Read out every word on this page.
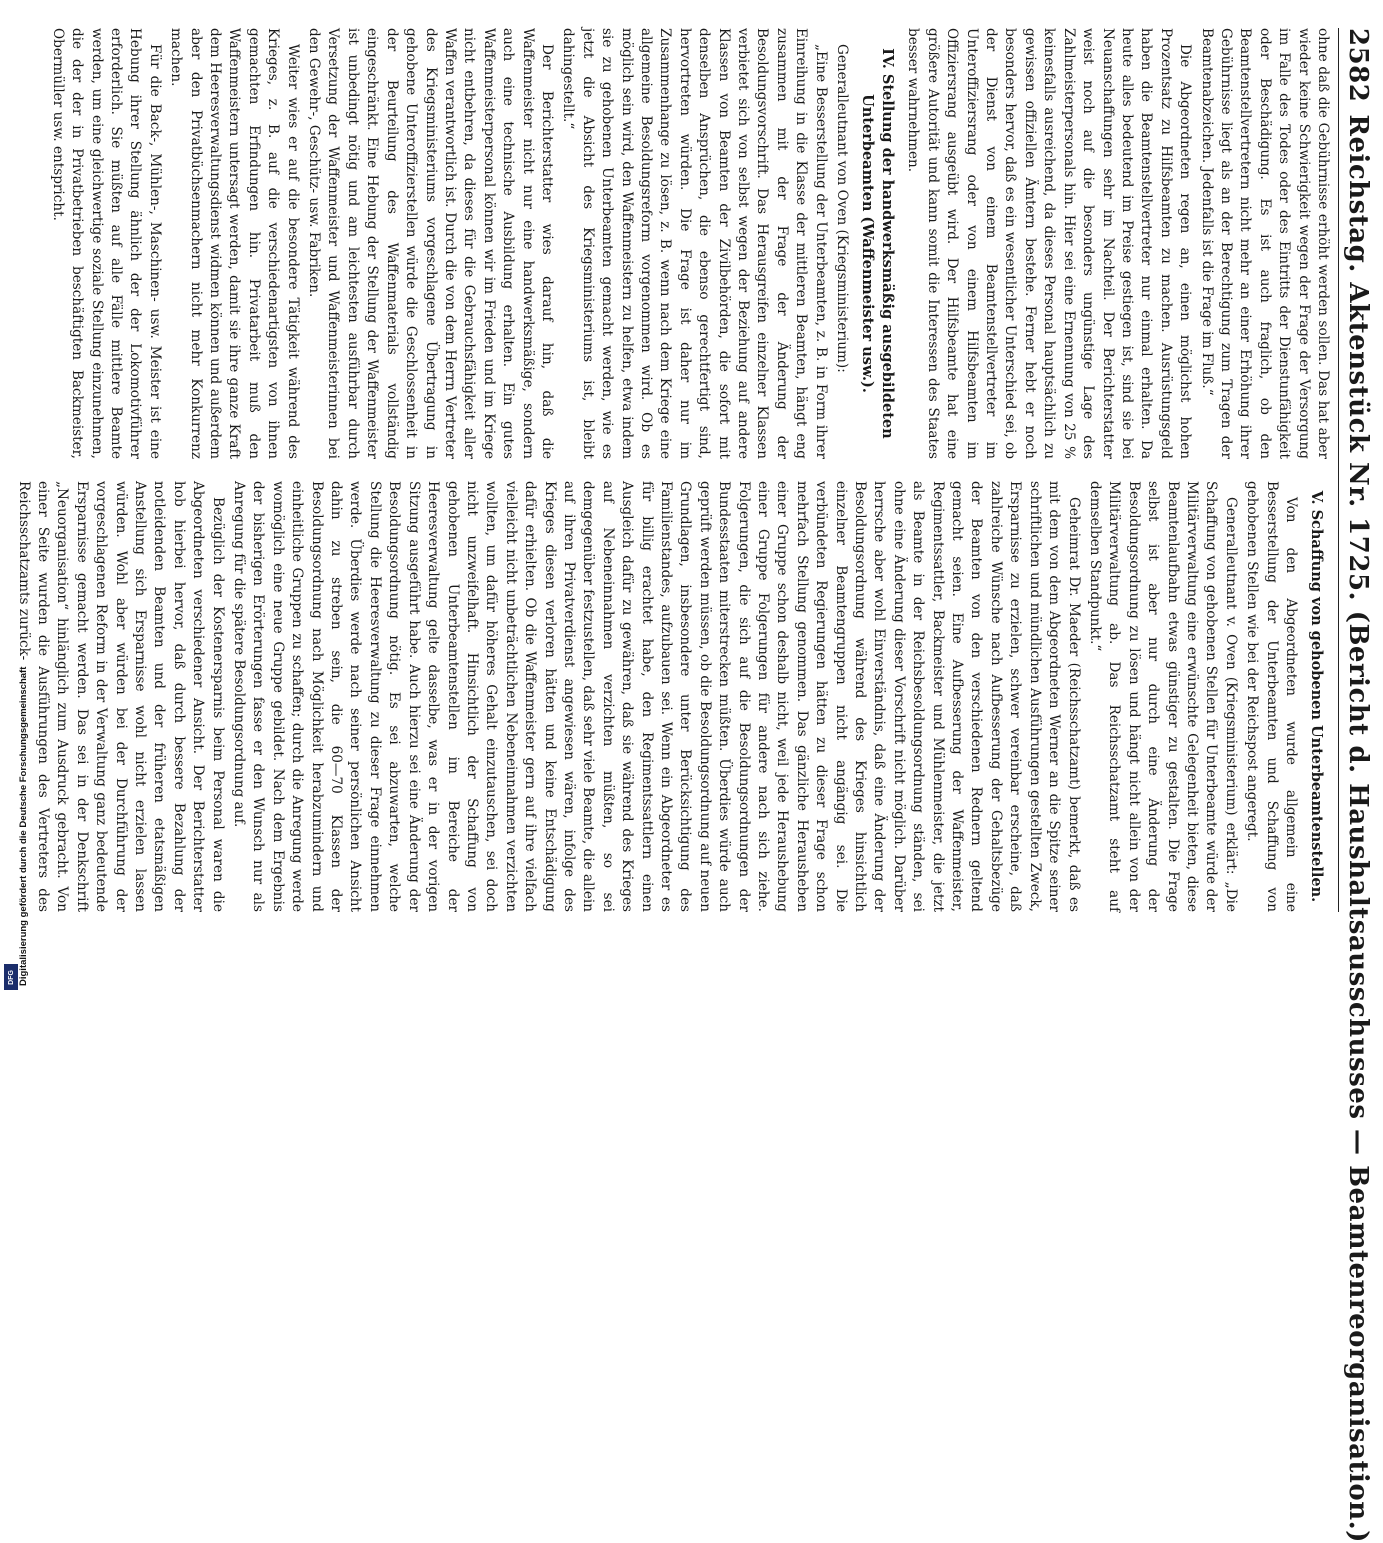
2582
Reichstag. Aktenstück Nr. 1725. (Bericht d. Haushaltsausschusses — Beamtenreorganisation.)

ohne daß die Gebührnisse erhöht werden sollen. Das hat aber wieder keine Schwierigkeit wegen der Frage der Versorgung im Falle des Todes oder des Eintritts der Dienstunfähigkeit oder Beschädigung. Es ist auch fraglich, ob den Beamtenstellvertretern nicht mehr an einer Erhöhung ihrer Gebührnisse liegt als an der Berechtigung zum Tragen der Beamtenabzeichen. Jedenfalls ist die Frage im Fluß.“

Die Abgeordneten regen an, einen möglichst hohen Prozentsatz zu Hilfsbeamten zu machen. Ausrüstungsgeld haben die Beamtenstellvertreter nur einmal erhalten. Da heute alles bedeutend im Preise gestiegen ist, sind sie bei Neuanschaffungen sehr im Nachteil. Der Berichterstatter weist noch auf die besonders ungünstige Lage des Zahlmeisterpersonals hin. Hier sei eine Ernennung von 25 % keinesfalls ausreichend, da dieses Personal hauptsächlich zu gewissen offiziellen Ämtern bestehe. Ferner hebt er noch besonders hervor, daß es ein wesentlicher Unterschied sei, ob der Dienst von einem Beamtenstellvertreter im Unteroffiziersrang oder von einem Hilfsbeamten im Offiziersrang ausgeübt wird. Der Hilfsbeamte hat eine größere Autorität und kann somit die Interessen des Staates besser wahrnehmen.

IV. Stellung der handwerksmäßig ausgebildeten Unterbeamten (Waffenmeister usw.).

Generalleutnant von Oven (Kriegsministerium):

„Eine Besserstellung der Unterbeamten, z. B. in Form ihrer Einreihung in die Klasse der mittleren Beamten, hängt eng zusammen mit der Frage der Änderung der Besoldungsvorschrift. Das Herausgreifen einzelner Klassen verbietet sich von selbst wegen der Beziehung auf andere Klassen von Beamten der Zivilbehörden, die sofort mit denselben Ansprüchen, die ebenso gerechtfertigt sind, hervortreten würden. Die Frage ist daher nur im Zusammenhange zu lösen, z. B. wenn nach dem Kriege eine allgemeine Besoldungsreform vorgenommen wird. Ob es möglich sein wird, den Waffenmeistern zu helfen, etwa indem sie zu gehobenen Unterbeamten gemacht werden, wie es jetzt die Absicht des Kriegsministeriums ist, bleibt dahingestellt.“

Der Berichterstatter wies darauf hin, daß die Waffenmeister nicht nur eine handwerksmäßige, sondern auch eine technische Ausbildung erhalten. Ein gutes Waffenmeisterpersonal können wir im Frieden und im Kriege nicht entbehren, da dieses für die Gebrauchsfähigkeit aller Waffen verantwortlich ist. Durch die von dem Herrn Vertreter des Kriegsministeriums vorgeschlagene Übertragung in gehobene Unteroffizierstellen würde die Geschlossenheit in der Beurteilung des Waffenmaterials vollständig eingeschränkt. Eine Hebung der Stellung der Waffenmeister ist unbedingt nötig und am leichtesten ausführbar durch Versetzung der Waffenmeister und Waffenmeisterinnen bei den Gewehr-, Geschütz- usw. Fabriken.

Weiter wies er auf die besondere Tätigkeit während des Krieges, z. B. auf die verschiedenartigsten von ihnen gemachten Erfindungen hin. Privatarbeit muß den Waffenmeistern untersagt werden, damit sie ihre ganze Kraft dem Heeresverwaltungsdienst widmen können und außerdem aber den Privatbüchsenmachern nicht mehr Konkurrenz machen.

Für die Back-, Mühlen-, Maschinen- usw. Meister ist eine Hebung ihrer Stellung ähnlich der der Lokomotivführer erforderlich. Sie müßten auf alle Fälle mittlere Beamte werden, um eine gleichwertige soziale Stellung einzunehmen, die der der in Privatbetrieben beschäftigten Backmeister, Obermüller usw. entspricht.

V. Schaffung von gehobenen Unterbeamtenstellen.

Von den Abgeordneten wurde allgemein eine Besserstellung der Unterbeamten und Schaffung von gehobenen Stellen wie bei der Reichspost angeregt.

Generalleutnant v. Oven (Kriegsministerium) erklärt: „Die Schaffung von gehobenen Stellen für Unterbeamte würde der Militärverwaltung eine erwünschte Gelegenheit bieten, diese Beamtenlaufbahn etwas günstiger zu gestalten. Die Frage selbst ist aber nur durch eine Änderung der Besoldungsordnung zu lösen und hängt nicht allein von der Militärverwaltung ab. Das Reichsschatzamt steht auf demselben Standpunkt.“

Geheimrat Dr. Maeder (Reichsschatzamt) bemerkt, daß es mit dem von dem Abgeordneten Werner an die Spitze seiner schriftlichen und mündlichen Ausführungen gestellten Zweck, Ersparnisse zu erzielen, schwer vereinbar erscheine, daß zahlreiche Wünsche nach Aufbesserung der Gehaltsbezüge der Beamten von den verschiedenen Rednern geltend gemacht seien. Eine Aufbesserung der Waffenmeister, Regimentssattler, Backmeister und Mühlenmeister, die jetzt als Beamte in der Reichsbesoldungsordnung ständen, sei ohne eine Änderung dieser Vorschrift nicht möglich. Darüber herrsche aber wohl Einverständnis, daß eine Änderung der Besoldungsordnung während des Krieges hinsichtlich einzelner Beamtengruppen nicht angängig sei. Die verbündeten Regierungen hätten zu dieser Frage schon mehrfach Stellung genommen. Das gänzliche Herausheben einer Gruppe schon deshalb nicht, weil jede Heraushebung einer Gruppe Folgerungen für andere nach sich ziehe. Folgerungen, die sich auf die Besoldungsordnungen der Bundesstaaten miterstrecken müßten. Überdies würde auch geprüft werden müssen, ob die Besoldungsordnung auf neuen Grundlagen, insbesondere unter Berücksichtigung des Familienstandes, aufzubauen sei. Wenn ein Abgeordneter es für billig erachtet habe, den Regimentssattlern einen Ausgleich dafür zu gewähren, daß sie während des Krieges auf Nebeneinnahmen verzichten müßten, so sei demgegenüber festzustellen, daß sehr viele Beamte, die allein auf ihren Privatverdienst angewiesen wären, infolge des Krieges diesen verloren hätten und keine Entschädigung dafür erhielten. Ob die Waffenmeister gern auf ihre vielfach vielleicht nicht unbeträchtlichen Nebeneinnahmen verzichten wollten, um dafür höheres Gehalt einzutauschen, sei doch nicht unzweifelhaft. Hinsichtlich der Schaffung von gehobenen Unterbeamtenstellen im Bereiche der Heeresverwaltung gelte dasselbe, was er in der vorigen Sitzung ausgeführt habe. Auch hierzu sei eine Änderung der Besoldungsordnung nötig. Es sei abzuwarten, welche Stellung die Heeresverwaltung zu dieser Frage einnehmen werde. Überdies werde nach seiner persönlichen Ansicht dahin zu streben sein, die 60—70 Klassen der Besoldungsordnung nach Möglichkeit herabzumindern und einheitliche Gruppen zu schaffen; durch die Anregung werde womöglich eine neue Gruppe gebildet. Nach dem Ergebnis der bisherigen Erörterungen fasse er den Wunsch nur als Anregung für die spätere Besoldungsordnung auf.

Bezüglich der Kostenersparnis beim Personal waren die Abgeordneten verschiedener Ansicht. Der Berichterstatter hob hierbei hervor, daß durch bessere Bezahlung der notleidenden Beamten und der früheren etatsmäßigen Anstellung sich Ersparnisse wohl nicht erzielen lassen würden. Wohl aber würden bei der Durchführung der vorgeschlagenen Reform in der Verwaltung ganz bedeutende Ersparnisse gemacht werden. Das sei in der Denkschrift „Neuorganisation“ hinlänglich zum Ausdruck gebracht. Von einer Seite wurden die Ausführungen des Vertreters des Reichsschatzamts zurück-

Digitalisierung gefördert durch die Deutsche Forschungsgemeinschaft
DFG
